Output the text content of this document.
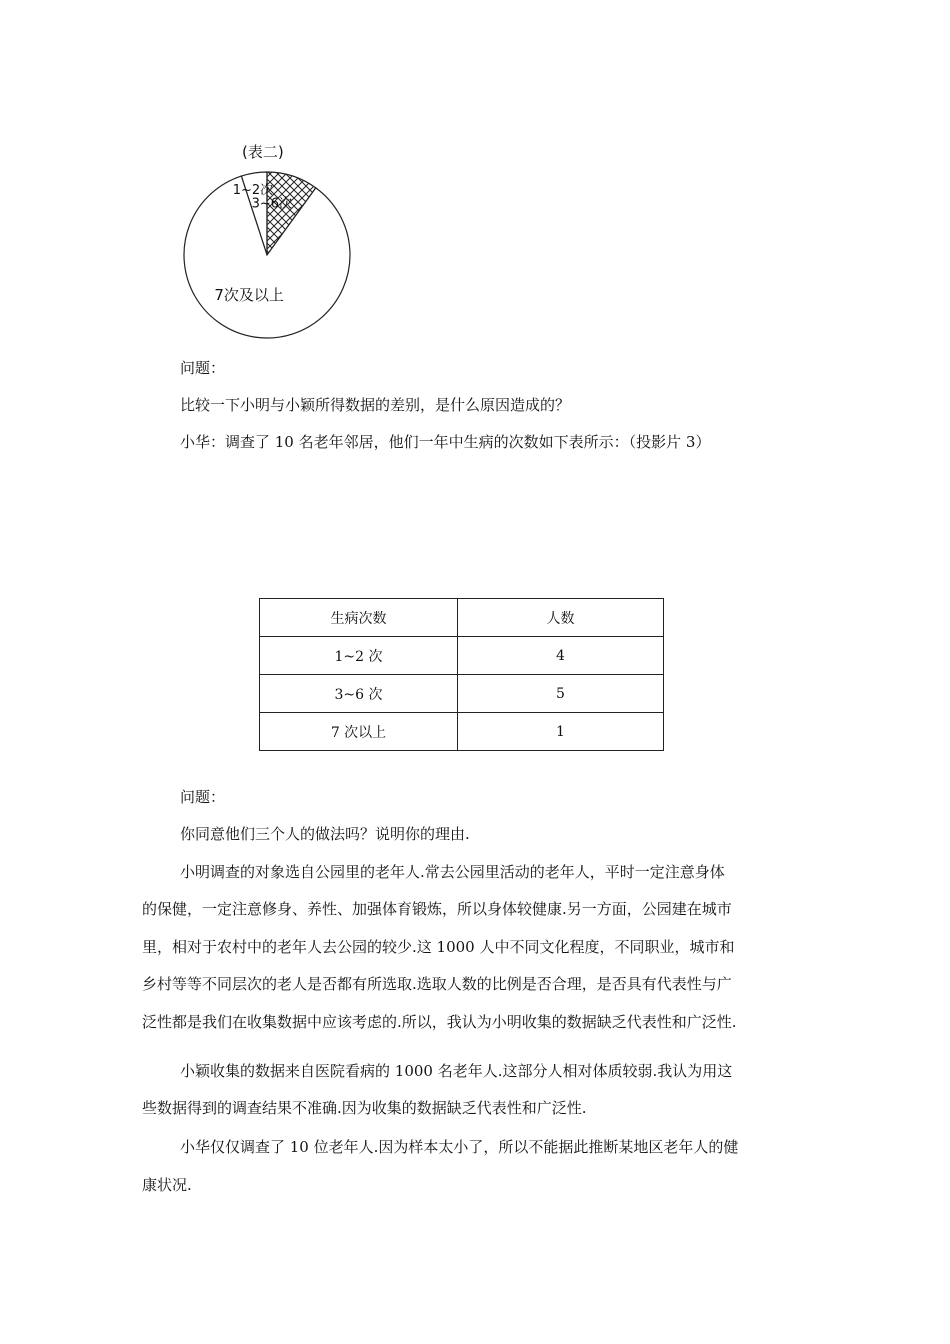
1~2次
3~6次
7次及以上
(表二)
问题：
比较一下小明与小颖所得数据的差别，是什么原因造成的？
小华：调查了 10 名老年邻居，他们一年中生病的次数如下表所示：（投影片 3）
生病次数	人数
1~2 次	4
3~6 次	5
7 次以上	1
问题：
你同意他们三个人的做法吗？说明你的理由.
小明调查的对象选自公园里的老年人.常去公园里活动的老年人，平时一定注意身体
的保健，一定注意修身、养性、加强体育锻炼，所以身体较健康.另一方面，公园建在城市
里，相对于农村中的老年人去公园的较少.这 1000 人中不同文化程度，不同职业，城市和
乡村等等不同层次的老人是否都有所选取.选取人数的比例是否合理，是否具有代表性与广
泛性都是我们在收集数据中应该考虑的.所以，我认为小明收集的数据缺乏代表性和广泛性.
小颖收集的数据来自医院看病的 1000 名老年人.这部分人相对体质较弱.我认为用这
些数据得到的调查结果不准确.因为收集的数据缺乏代表性和广泛性.
小华仅仅调查了 10 位老年人.因为样本太小了，所以不能据此推断某地区老年人的健
康状况.
